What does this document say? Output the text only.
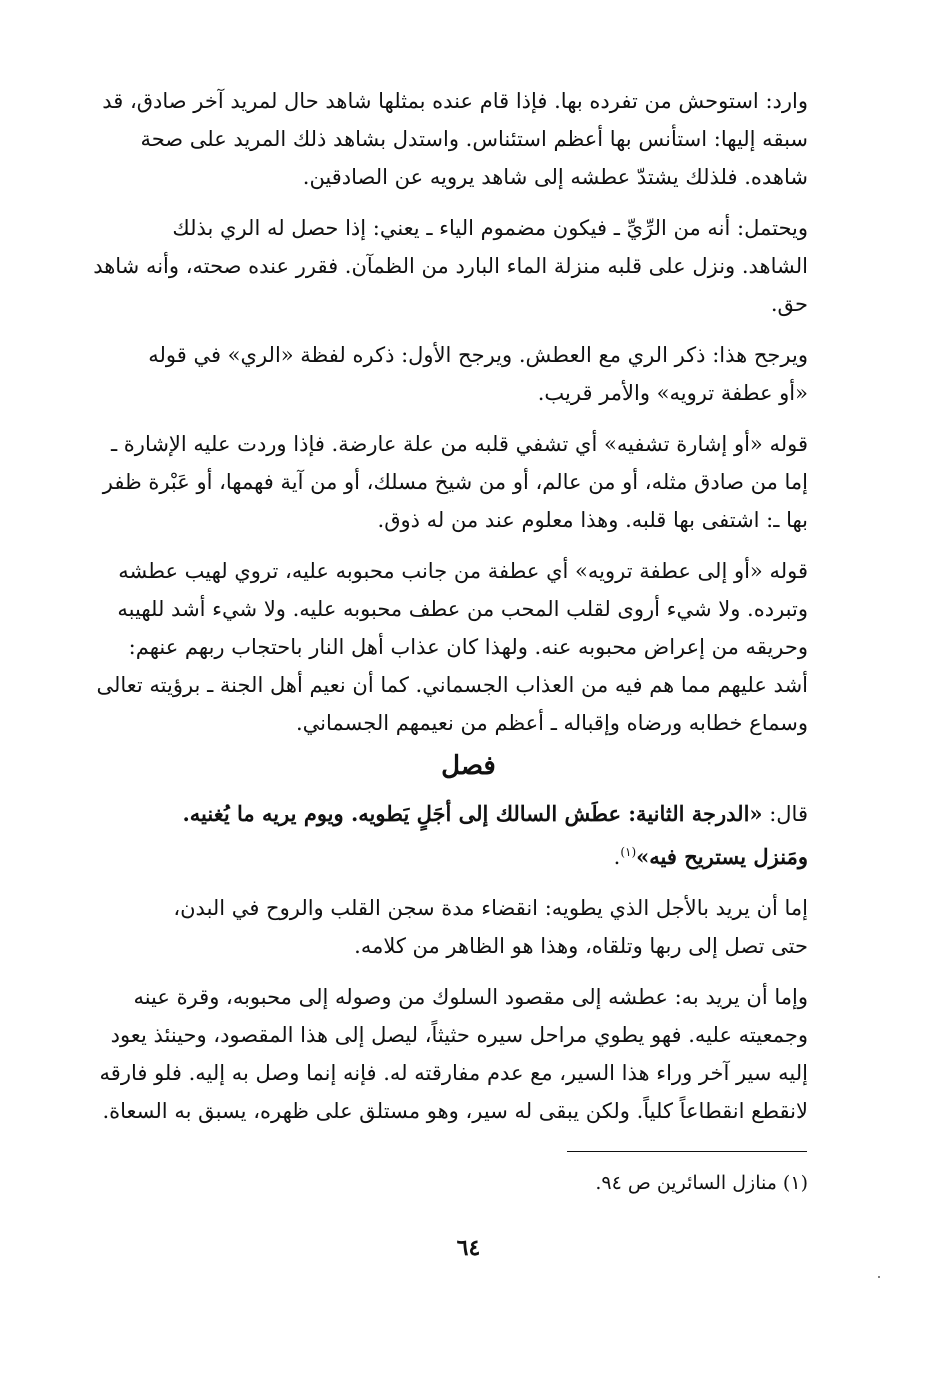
وارد: استوحش من تفرده بها. فإذا قام عنده بمثلها شاهد حال لمريد آخر صادق، قد
سبقه إليها: استأنس بها أعظم استئناس. واستدل بشاهد ذلك المريد على صحة
شاهده. فلذلك يشتدّ عطشه إلى شاهد يرويه عن الصادقين.

ويحتمل: أنه من الرِّيِّ ـ فيكون مضموم الياء ـ يعني: إذا حصل له الري بذلك
الشاهد. ونزل على قلبه منزلة الماء البارد من الظمآن. فقرر عنده صحته، وأنه شاهد
حق.

ويرجح هذا: ذكر الري مع العطش. ويرجح الأول: ذكره لفظة «الري» في قوله
«أو عطفة ترويه» والأمر قريب.

قوله «أو إشارة تشفيه» أي تشفي قلبه من علة عارضة. فإذا وردت عليه الإشارة ـ
إما من صادق مثله، أو من عالم، أو من شيخ مسلك، أو من آية فهمها، أو عَبْرة ظفر
بها ـ: اشتفى بها قلبه. وهذا معلوم عند من له ذوق.

قوله «أو إلى عطفة ترويه» أي عطفة من جانب محبوبه عليه، تروي لهيب عطشه
وتبرده. ولا شيء أروى لقلب المحب من عطف محبوبه عليه. ولا شيء أشد للهيبه
وحريقه من إعراض محبوبه عنه. ولهذا كان عذاب أهل النار باحتجاب ربهم عنهم:
أشد عليهم مما هم فيه من العذاب الجسماني. كما أن نعيم أهل الجنة ـ برؤيته تعالى
وسماع خطابه ورضاه وإقباله ـ أعظم من نعيمهم الجسماني.

فصل

قال: «الدرجة الثانية: عطَش السالك إلى أجَلٍ يَطويه. ويوم يريه ما يُغنيه.
ومَنزل يستريح فيه»$^{(١)}$.

إما أن يريد بالأجل الذي يطويه: انقضاء مدة سجن القلب والروح في البدن،
حتى تصل إلى ربها وتلقاه، وهذا هو الظاهر من كلامه.

وإما أن يريد به: عطشه إلى مقصود السلوك من وصوله إلى محبوبه، وقرة عينه
وجمعيته عليه. فهو يطوي مراحل سيره حثيثاً، ليصل إلى هذا المقصود، وحينئذ يعود
إليه سير آخر وراء هذا السير، مع عدم مفارقته له. فإنه إنما وصل به إليه. فلو فارقه
لانقطع انقطاعاً كلياً. ولكن يبقى له سير، وهو مستلق على ظهره، يسبق به السعاة.

(١) منازل السائرين ص ٩٤.
٦٤
